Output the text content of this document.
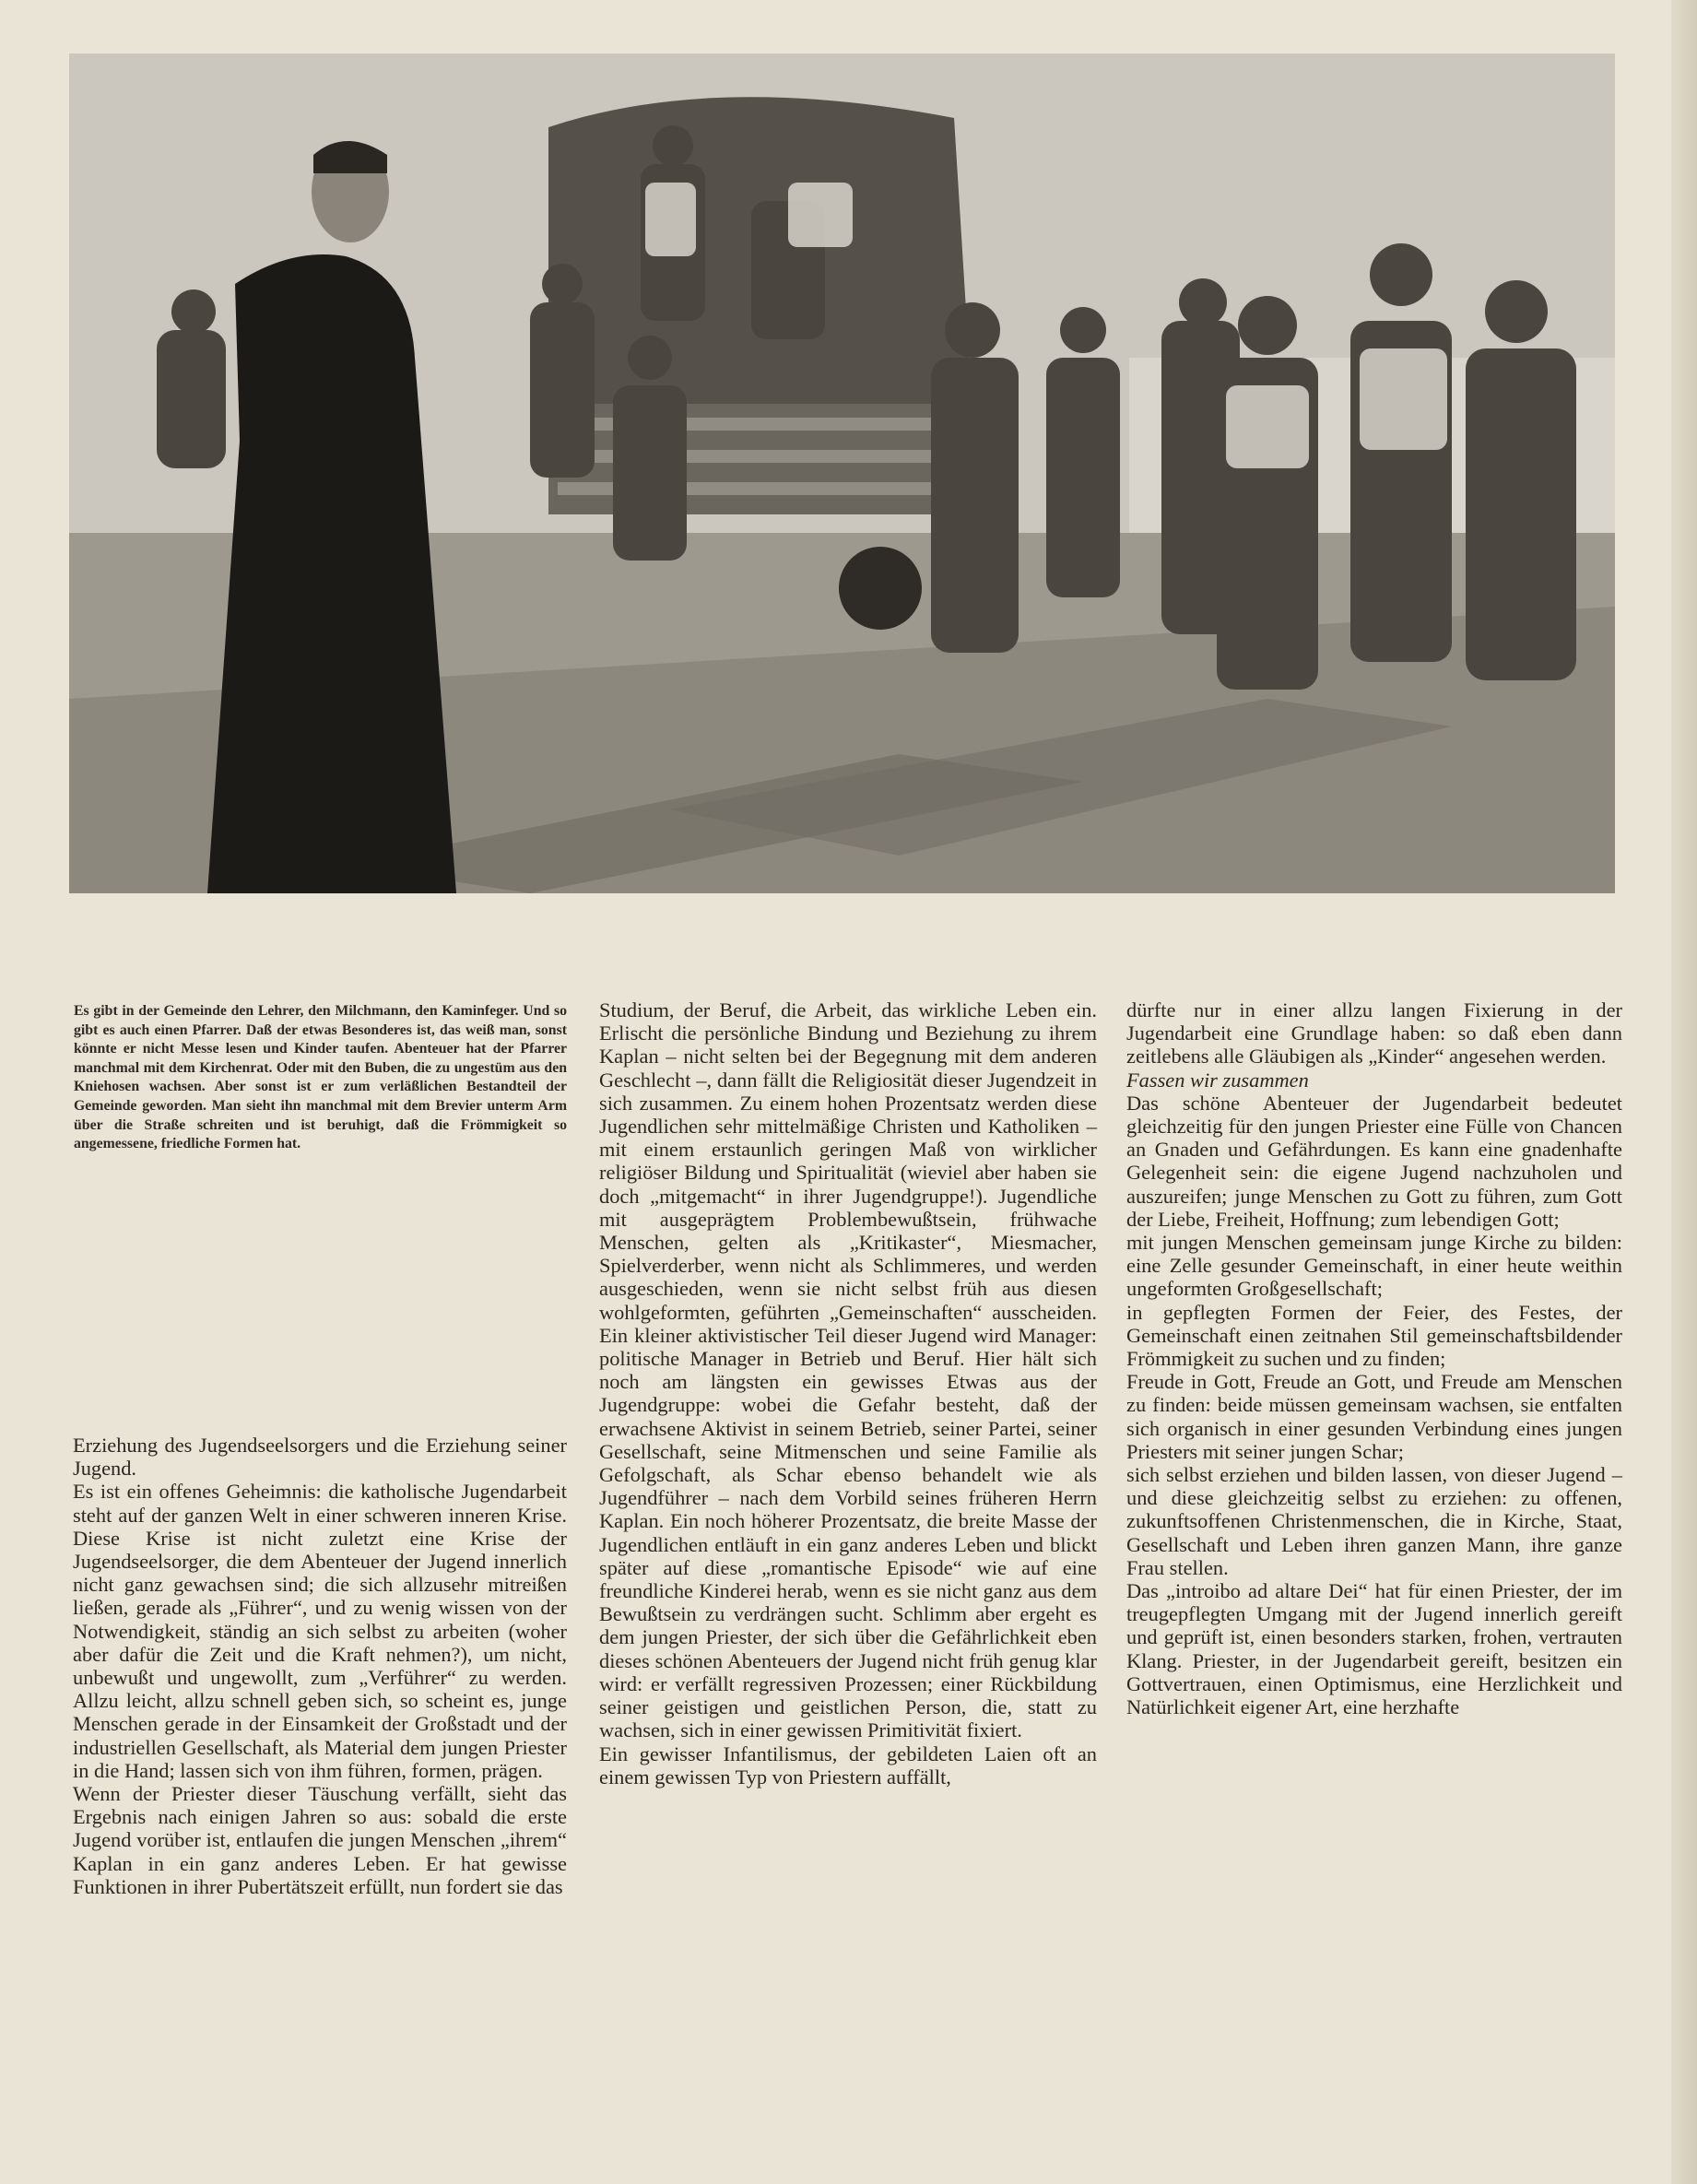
Es gibt in der Gemeinde den Lehrer, den Milchmann, den Kaminfeger. Und so gibt es auch einen Pfarrer. Daß der etwas Besonderes ist, das weiß man, sonst könnte er nicht Messe lesen und Kinder taufen. Abenteuer hat der Pfarrer manchmal mit dem Kirchenrat. Oder mit den Buben, die zu ungestüm aus den Kniehosen wachsen. Aber sonst ist er zum verläßlichen Bestandteil der Gemeinde geworden. Man sieht ihn manchmal mit dem Brevier unterm Arm über die Straße schreiten und ist beruhigt, daß die Frömmigkeit so angemessene, friedliche Formen hat.

Erziehung des Jugendseelsorgers und die Erziehung seiner Jugend.

Es ist ein offenes Geheimnis: die katholische Jugendarbeit steht auf der ganzen Welt in einer schweren inneren Krise. Diese Krise ist nicht zuletzt eine Krise der Jugendseelsorger, die dem Abenteuer der Jugend innerlich nicht ganz gewachsen sind; die sich allzusehr mitreißen ließen, gerade als „Führer“, und zu wenig wissen von der Notwendigkeit, ständig an sich selbst zu arbeiten (woher aber dafür die Zeit und die Kraft nehmen?), um nicht, unbewußt und ungewollt, zum „Verführer“ zu werden. Allzu leicht, allzu schnell geben sich, so scheint es, junge Menschen gerade in der Einsamkeit der Großstadt und der industriellen Gesellschaft, als Material dem jungen Priester in die Hand; lassen sich von ihm führen, formen, prägen.

Wenn der Priester dieser Täuschung verfällt, sieht das Ergebnis nach einigen Jahren so aus: sobald die erste Jugend vorüber ist, entlaufen die jungen Menschen „ihrem“ Kaplan in ein ganz anderes Leben. Er hat gewisse Funktionen in ihrer Pubertätszeit erfüllt, nun fordert sie das

Studium, der Beruf, die Arbeit, das wirkliche Leben ein. Erlischt die persönliche Bindung und Beziehung zu ihrem Kaplan – nicht selten bei der Begegnung mit dem anderen Geschlecht –, dann fällt die Religiosität dieser Jugendzeit in sich zusammen. Zu einem hohen Prozentsatz werden diese Jugendlichen sehr mittelmäßige Christen und Katholiken – mit einem erstaunlich geringen Maß von wirklicher religiöser Bildung und Spiritualität (wieviel aber haben sie doch „mitgemacht“ in ihrer Jugendgruppe!). Jugendliche mit ausgeprägtem Problembewußtsein, frühwache Menschen, gelten als „Kritikaster“, Miesmacher, Spielverderber, wenn nicht als Schlimmeres, und werden ausgeschieden, wenn sie nicht selbst früh aus diesen wohlgeformten, geführten „Gemeinschaften“ ausscheiden. Ein kleiner aktivistischer Teil dieser Jugend wird Manager: politische Manager in Betrieb und Beruf. Hier hält sich noch am längsten ein gewisses Etwas aus der Jugendgruppe: wobei die Gefahr besteht, daß der erwachsene Aktivist in seinem Betrieb, seiner Partei, seiner Gesellschaft, seine Mitmenschen und seine Familie als Gefolgschaft, als Schar ebenso behandelt wie als Jugendführer – nach dem Vorbild seines früheren Herrn Kaplan. Ein noch höherer Prozentsatz, die breite Masse der Jugendlichen entläuft in ein ganz anderes Leben und blickt später auf diese „romantische Episode“ wie auf eine freundliche Kinderei herab, wenn es sie nicht ganz aus dem Bewußtsein zu verdrängen sucht. Schlimm aber ergeht es dem jungen Priester, der sich über die Gefährlichkeit eben dieses schönen Abenteuers der Jugend nicht früh genug klar wird: er verfällt regressiven Prozessen; einer Rückbildung seiner geistigen und geistlichen Person, die, statt zu wachsen, sich in einer gewissen Primitivität fixiert.

Ein gewisser Infantilismus, der gebildeten Laien oft an einem gewissen Typ von Priestern auffällt,

dürfte nur in einer allzu langen Fixierung in der Jugendarbeit eine Grundlage haben: so daß eben dann zeitlebens alle Gläubigen als „Kinder“ angesehen werden.

Fassen wir zusammen

Das schöne Abenteuer der Jugendarbeit bedeutet gleichzeitig für den jungen Priester eine Fülle von Chancen an Gnaden und Gefährdungen. Es kann eine gnadenhafte Gelegenheit sein: die eigene Jugend nachzuholen und auszureifen; junge Menschen zu Gott zu führen, zum Gott der Liebe, Freiheit, Hoffnung; zum lebendigen Gott;

mit jungen Menschen gemeinsam junge Kirche zu bilden: eine Zelle gesunder Gemeinschaft, in einer heute weithin ungeformten Großgesellschaft;

in gepflegten Formen der Feier, des Festes, der Gemeinschaft einen zeitnahen Stil gemeinschaftsbildender Frömmigkeit zu suchen und zu finden;

Freude in Gott, Freude an Gott, und Freude am Menschen zu finden: beide müssen gemeinsam wachsen, sie entfalten sich organisch in einer gesunden Verbindung eines jungen Priesters mit seiner jungen Schar;

sich selbst erziehen und bilden lassen, von dieser Jugend – und diese gleichzeitig selbst zu erziehen: zu offenen, zukunftsoffenen Christenmenschen, die in Kirche, Staat, Gesellschaft und Leben ihren ganzen Mann, ihre ganze Frau stellen.

Das „introibo ad altare Dei“ hat für einen Priester, der im treugepflegten Umgang mit der Jugend innerlich gereift und geprüft ist, einen besonders starken, frohen, vertrauten Klang. Priester, in der Jugendarbeit gereift, besitzen ein Gottvertrauen, einen Optimismus, eine Herzlichkeit und Natürlichkeit eigener Art, eine herzhafte
